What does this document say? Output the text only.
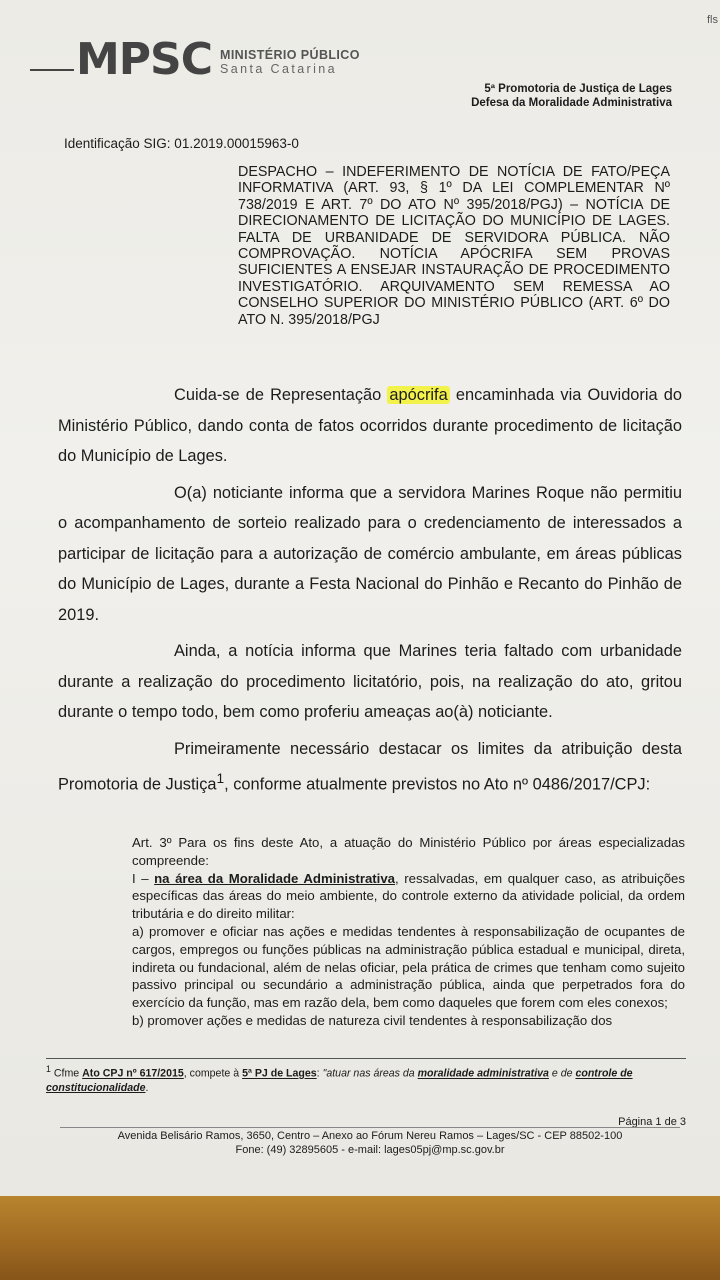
fls
MPSC MINISTÉRIO PÚBLICO
Santa Catarina
5ª Promotoria de Justiça de Lages
Defesa da Moralidade Administrativa
Identificação SIG: 01.2019.00015963-0
DESPACHO – INDEFERIMENTO DE NOTÍCIA DE FATO/PEÇA INFORMATIVA (ART. 93, § 1º DA LEI COMPLEMENTAR Nº 738/2019 E ART. 7º DO ATO Nº 395/2018/PGJ) – NOTÍCIA DE DIRECIONAMENTO DE LICITAÇÃO DO MUNICÍPIO DE LAGES. FALTA DE URBANIDADE DE SERVIDORA PÚBLICA. NÃO COMPROVAÇÃO. NOTÍCIA APÓCRIFA SEM PROVAS SUFICIENTES A ENSEJAR INSTAURAÇÃO DE PROCEDIMENTO INVESTIGATÓRIO. ARQUIVAMENTO SEM REMESSA AO CONSELHO SUPERIOR DO MINISTÉRIO PÚBLICO (ART. 6º DO ATO N. 395/2018/PGJ

Cuida-se de Representação apócrifa encaminhada via Ouvidoria do Ministério Público, dando conta de fatos ocorridos durante procedimento de licitação do Município de Lages.

O(a) noticiante informa que a servidora Marines Roque não permitiu o acompanhamento de sorteio realizado para o credenciamento de interessados a participar de licitação para a autorização de comércio ambulante, em áreas públicas do Município de Lages, durante a Festa Nacional do Pinhão e Recanto do Pinhão de 2019.

Ainda, a notícia informa que Marines teria faltado com urbanidade durante a realização do procedimento licitatório, pois, na realização do ato, gritou durante o tempo todo, bem como proferiu ameaças ao(à) noticiante.

Primeiramente necessário destacar os limites da atribuição desta Promotoria de Justiça$^1$, conforme atualmente previstos no Ato nº 0486/2017/CPJ:

Art. 3º Para os fins deste Ato, a atuação do Ministério Público por áreas especializadas compreende:

I – na área da Moralidade Administrativa, ressalvadas, em qualquer caso, as atribuições específicas das áreas do meio ambiente, do controle externo da atividade policial, da ordem tributária e do direito militar:

a) promover e oficiar nas ações e medidas tendentes à responsabilização de ocupantes de cargos, empregos ou funções públicas na administração pública estadual e municipal, direta, indireta ou fundacional, além de nelas oficiar, pela prática de crimes que tenham como sujeito passivo principal ou secundário a administração pública, ainda que perpetrados fora do exercício da função, mas em razão dela, bem como daqueles que forem com eles conexos;

b) promover ações e medidas de natureza civil tendentes à responsabilização dos

$^1$ Cfme Ato CPJ nº 617/2015, compete à 5ª PJ de Lages: "atuar nas áreas da moralidade administrativa e de controle de constitucionalidade.
Página 1 de 3
Avenida Belisário Ramos, 3650, Centro – Anexo ao Fórum Nereu Ramos – Lages/SC - CEP 88502-100
Fone: (49) 32895605 - e-mail: lages05pj@mp.sc.gov.br
